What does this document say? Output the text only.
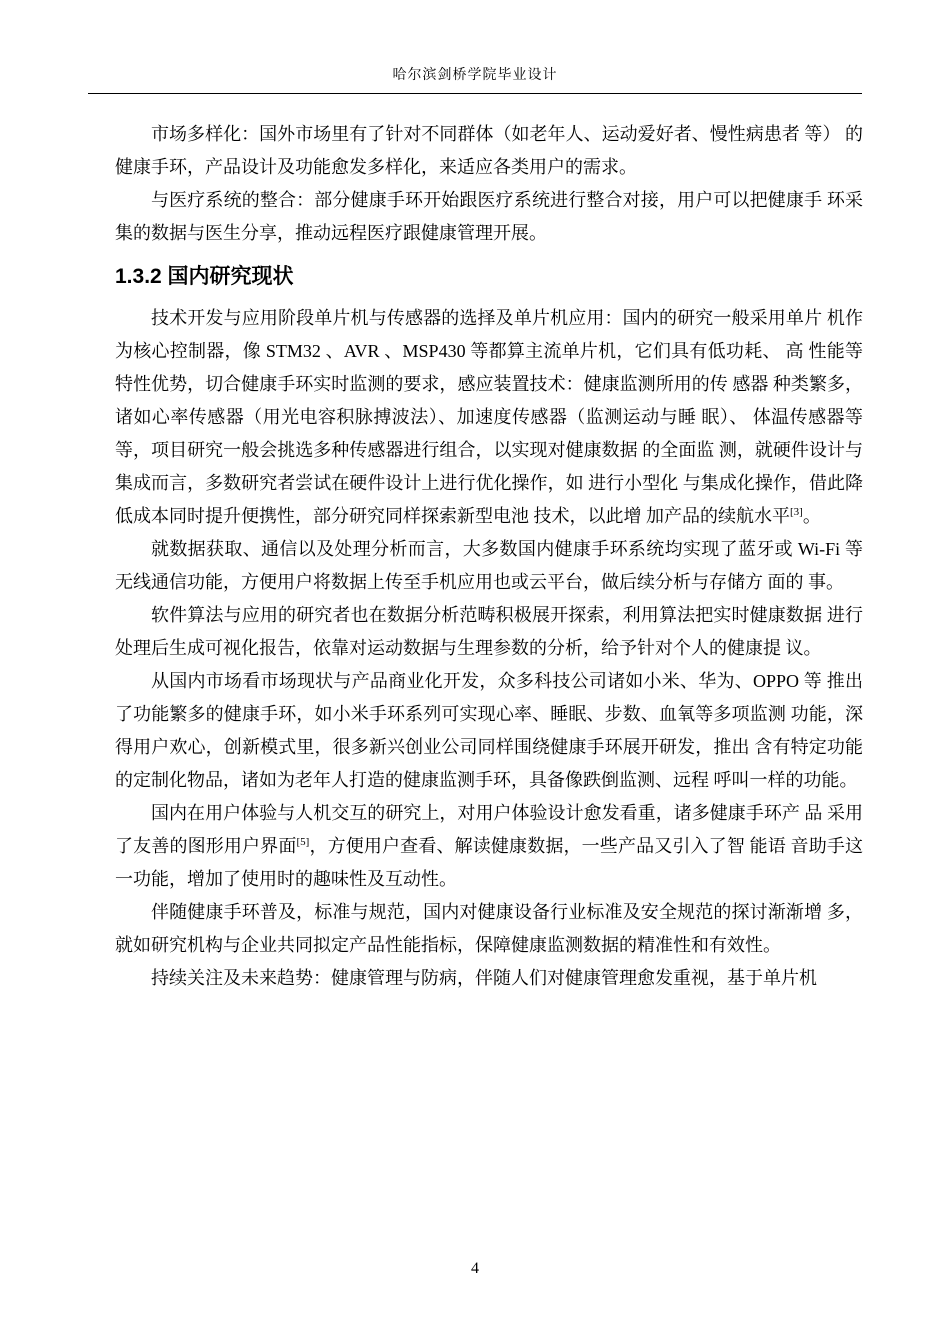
哈尔滨剑桥学院毕业设计

市场多样化：国外市场里有了针对不同群体（如老年人、运动爱好者、慢性病患者 等） 的健康手环，产品设计及功能愈发多样化，来适应各类用户的需求。

与医疗系统的整合：部分健康手环开始跟医疗系统进行整合对接，用户可以把健康手 环采集的数据与医生分享，推动远程医疗跟健康管理开展。

1.3.2 国内研究现状

技术开发与应用阶段单片机与传感器的选择及单片机应用：国内的研究一般采用单片 机作为核心控制器，像 STM32 、AVR 、MSP430 等都算主流单片机，它们具有低功耗、 高 性能等特性优势，切合健康手环实时监测的要求，感应装置技术：健康监测所用的传 感器 种类繁多，诸如心率传感器（用光电容积脉搏波法）、加速度传感器（监测运动与睡 眠）、 体温传感器等等，项目研究一般会挑选多种传感器进行组合，以实现对健康数据 的全面监 测，就硬件设计与集成而言，多数研究者尝试在硬件设计上进行优化操作，如 进行小型化 与集成化操作，借此降低成本同时提升便携性，部分研究同样探索新型电池 技术，以此增 加产品的续航水平[3]。

就数据获取、通信以及处理分析而言，大多数国内健康手环系统均实现了蓝牙或 Wi-Fi 等无线通信功能，方便用户将数据上传至手机应用也或云平台，做后续分析与存储方 面的 事。

软件算法与应用的研究者也在数据分析范畴积极展开探索，利用算法把实时健康数据 进行处理后生成可视化报告，依靠对运动数据与生理参数的分析，给予针对个人的健康提 议。

从国内市场看市场现状与产品商业化开发，众多科技公司诸如小米、华为、OPPO 等 推出了功能繁多的健康手环，如小米手环系列可实现心率、睡眠、步数、血氧等多项监测 功能，深得用户欢心，创新模式里，很多新兴创业公司同样围绕健康手环展开研发，推出 含有特定功能的定制化物品，诸如为老年人打造的健康监测手环，具备像跌倒监测、远程 呼叫一样的功能。

国内在用户体验与人机交互的研究上，对用户体验设计愈发看重，诸多健康手环产 品 采用了友善的图形用户界面[5]，方便用户查看、解读健康数据，一些产品又引入了智 能语 音助手这一功能，增加了使用时的趣味性及互动性。

伴随健康手环普及，标准与规范，国内对健康设备行业标准及安全规范的探讨渐渐增 多，就如研究机构与企业共同拟定产品性能指标，保障健康监测数据的精准性和有效性。

持续关注及未来趋势：健康管理与防病，伴随人们对健康管理愈发重视，基于单片机

4
